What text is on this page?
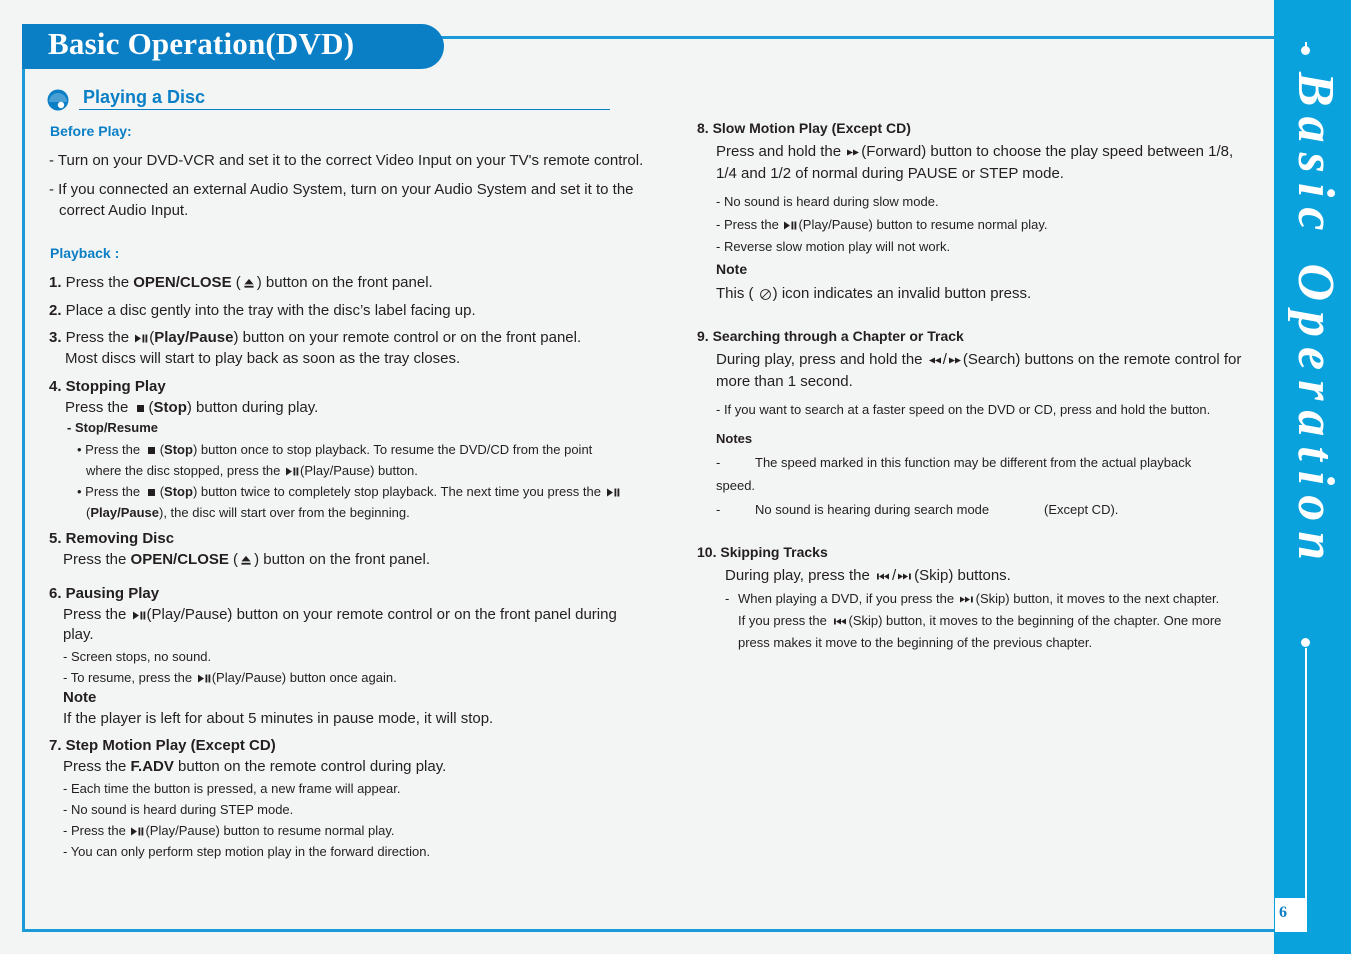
Basic Operation(DVD)
Basic Operation
6
Playing a Disc
Before Play:
- Turn on your DVD-VCR and set it to the correct Video Input on your TV's remote control.
- If you connected an external Audio System, turn on your Audio System and set it to the
correct Audio Input.
Playback :
1. Press the OPEN/CLOSE ( ) button on the front panel.
2. Place a disc gently into the tray with the disc’s label facing up.
3. Press the (Play/Pause) button on your remote control or on the front panel.
Most discs will start to play back as soon as the tray closes.
4. Stopping Play
Press the (Stop) button during play.
- Stop/Resume
• Press the (Stop) button once to stop playback. To resume the DVD/CD from the point
where the disc stopped, press the (Play/Pause) button.
• Press the (Stop) button twice to completely stop playback. The next time you press the
(Play/Pause), the disc will start over from the beginning.
5. Removing Disc
Press the OPEN/CLOSE ( ) button on the front panel.
6. Pausing Play
Press the (Play/Pause) button on your remote control or on the front panel during
play.
- Screen stops, no sound.
- To resume, press the (Play/Pause) button once again.
Note
If the player is left for about 5 minutes in pause mode, it will stop.
7. Step Motion Play (Except CD)
Press the F.ADV button on the remote control during play.
- Each time the button is pressed, a new frame will appear.
- No sound is heard during STEP mode.
- Press the (Play/Pause) button to resume normal play.
- You can only perform step motion play in the forward direction.
8. Slow Motion Play (Except CD)
Press and hold the (Forward) button to choose the play speed between 1/8,
1/4 and 1/2 of normal during PAUSE or STEP mode.
- No sound is heard during slow mode.
- Press the (Play/Pause) button to resume normal play.
- Reverse slow motion play will not work.
Note
This ( ) icon indicates an invalid button press.
9. Searching through a Chapter or Track
During play, press and hold the / (Search) buttons on the remote control for
more than 1 second.
- If you want to search at a faster speed on the DVD or CD, press and hold the button.
Notes
-	The speed marked in this function may be different from the actual playback
speed.
-	No sound is hearing during search mode	(Except CD).
10. Skipping Tracks
During play, press the / (Skip) buttons.
- When playing a DVD, if you press the (Skip) button, it moves to the next chapter.
If you press the (Skip) button, it moves to the beginning of the chapter. One more
press makes it move to the beginning of the previous chapter.
